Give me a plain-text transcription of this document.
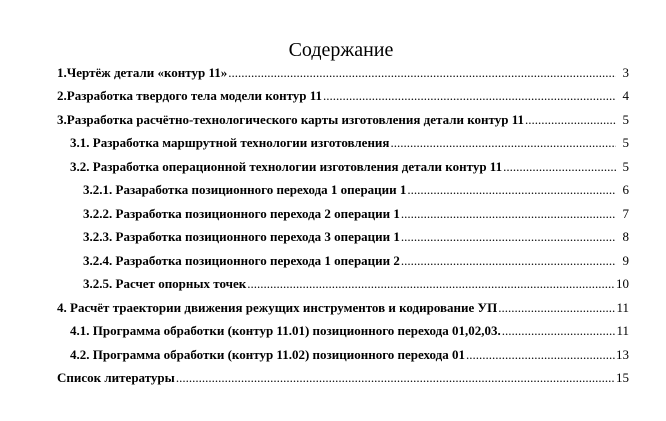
Содержание
1.Чертёж детали «контур 11» .....	3
2.Разработка твердого тела модели контур 11 .....	4
3.Разработка расчётно-технологического карты изготовления детали контур 11 .....	5
3.1. Разработка маршрутной технологии изготовления .....	5
3.2. Разработка операционной технологии изготовления детали контур 11 .....	5
3.2.1. Разаработка позиционного перехода 1 операции 1 .....	6
3.2.2. Разработка позиционного перехода 2 операции 1 .....	7
3.2.3. Разработка позиционного перехода 3 операции 1 .....	8
3.2.4. Разработка позиционного перехода 1 операции 2 .....	9
3.2.5. Расчет опорных точек .....	10
4. Расчёт траектории движения режущих инструментов и кодирование УП .....	11
4.1. Программа обработки (контур 11.01) позиционного перехода 01,02,03. .....	11
4.2. Программа обработки (контур 11.02) позиционного перехода 01 .....	13
Список литературы .....	15
